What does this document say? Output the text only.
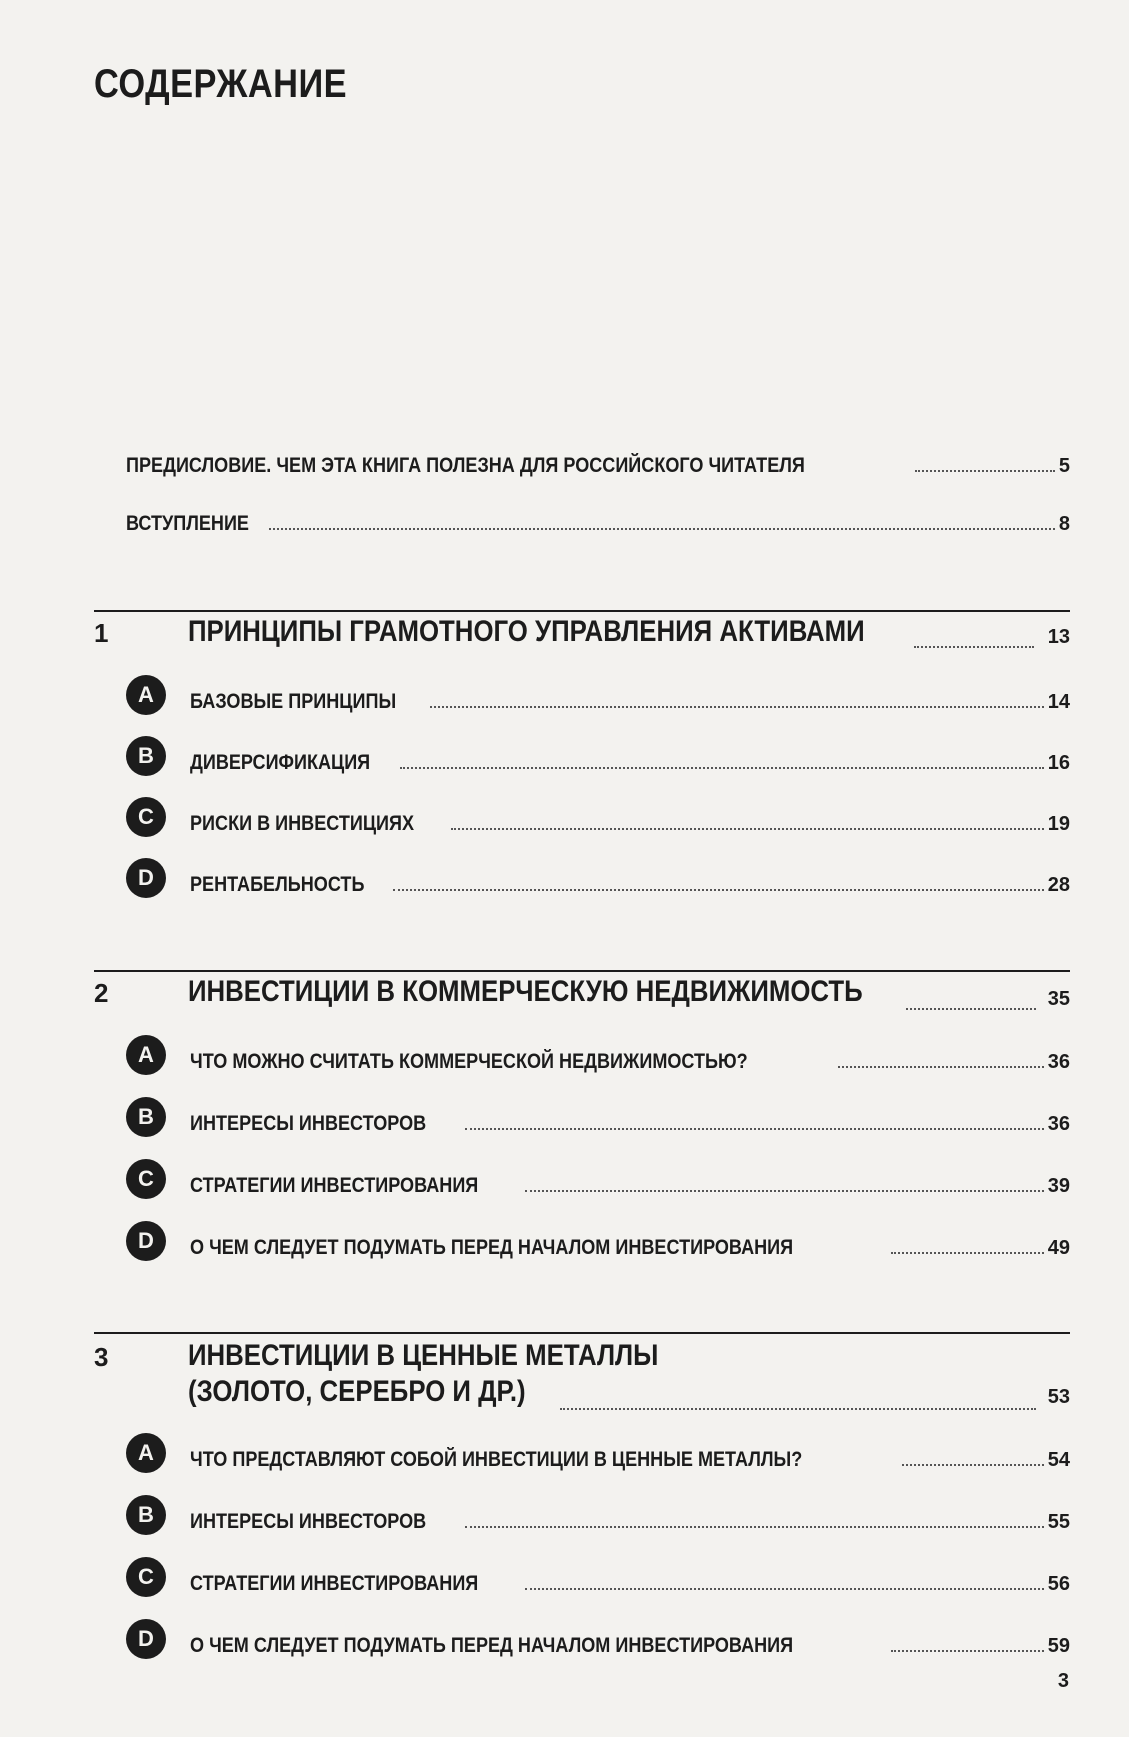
СОДЕРЖАНИЕ
ПРЕДИСЛОВИЕ. ЧЕМ ЭТА КНИГА ПОЛЕЗНА ДЛЯ РОССИЙСКОГО ЧИТАТЕЛЯ	5
ВСТУПЛЕНИЕ	8
1	ПРИНЦИПЫ ГРАМОТНОГО УПРАВЛЕНИЯ АКТИВАМИ	13
A	БАЗОВЫЕ ПРИНЦИПЫ	14
B	ДИВЕРСИФИКАЦИЯ	16
C	РИСКИ В ИНВЕСТИЦИЯХ	19
D	РЕНТАБЕЛЬНОСТЬ	28
2	ИНВЕСТИЦИИ В КОММЕРЧЕСКУЮ НЕДВИЖИМОСТЬ	35
A	ЧТО МОЖНО СЧИТАТЬ КОММЕРЧЕСКОЙ НЕДВИЖИМОСТЬЮ?	36
B	ИНТЕРЕСЫ ИНВЕСТОРОВ	36
C	СТРАТЕГИИ ИНВЕСТИРОВАНИЯ	39
D	О ЧЕМ СЛЕДУЕТ ПОДУМАТЬ ПЕРЕД НАЧАЛОМ ИНВЕСТИРОВАНИЯ	49
3	ИНВЕСТИЦИИ В ЦЕННЫЕ МЕТАЛЛЫ
(ЗОЛОТО, СЕРЕБРО И ДР.)	53
A	ЧТО ПРЕДСТАВЛЯЮТ СОБОЙ ИНВЕСТИЦИИ В ЦЕННЫЕ МЕТАЛЛЫ?	54
B	ИНТЕРЕСЫ ИНВЕСТОРОВ	55
C	СТРАТЕГИИ ИНВЕСТИРОВАНИЯ	56
D	О ЧЕМ СЛЕДУЕТ ПОДУМАТЬ ПЕРЕД НАЧАЛОМ ИНВЕСТИРОВАНИЯ	59
3
